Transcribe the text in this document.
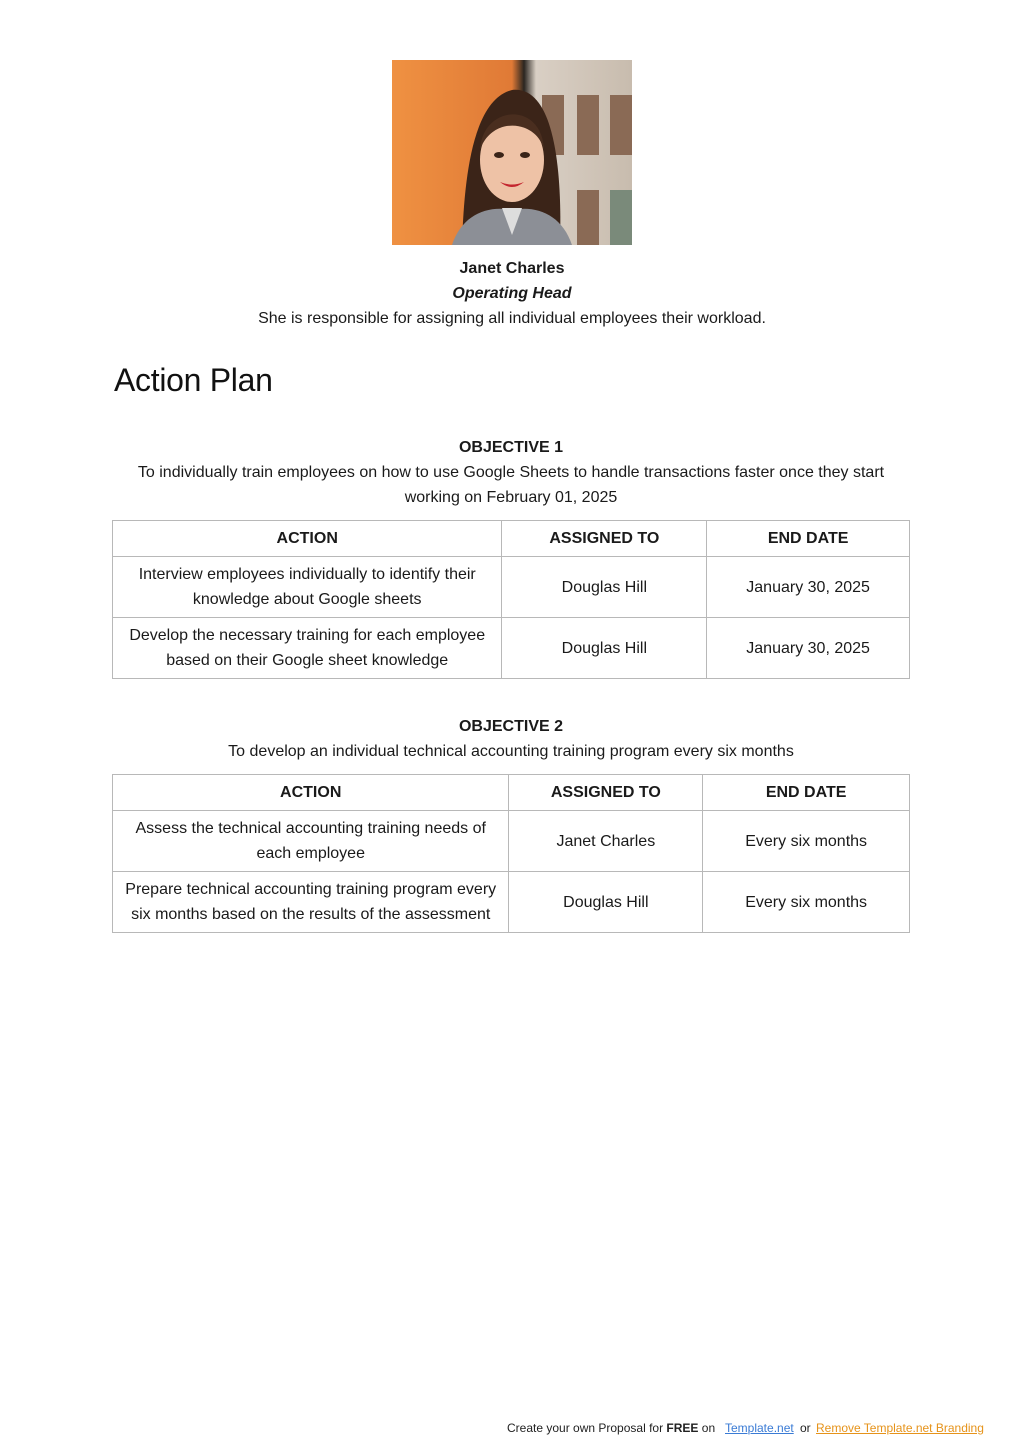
Janet Charles
Operating Head
She is responsible for assigning all individual employees their workload.
Action Plan
OBJECTIVE 1
To individually train employees on how to use Google Sheets to handle transactions faster once they start working on February 01, 2025
ACTION	ASSIGNED TO	END DATE
Interview employees individually to identify their knowledge about Google sheets	Douglas Hill	January 30, 2025
Develop the necessary training for each employee based on their Google sheet knowledge	Douglas Hill	January 30, 2025
OBJECTIVE 2
To develop an individual technical accounting training program every six months
ACTION	ASSIGNED TO	END DATE
Assess the technical accounting training needs of each employee	Janet Charles	Every six months
Prepare technical accounting training program every six months based on the results of the assessment	Douglas Hill	Every six months
Create your own Proposal for FREE on Template.net or Remove Template.net Branding
